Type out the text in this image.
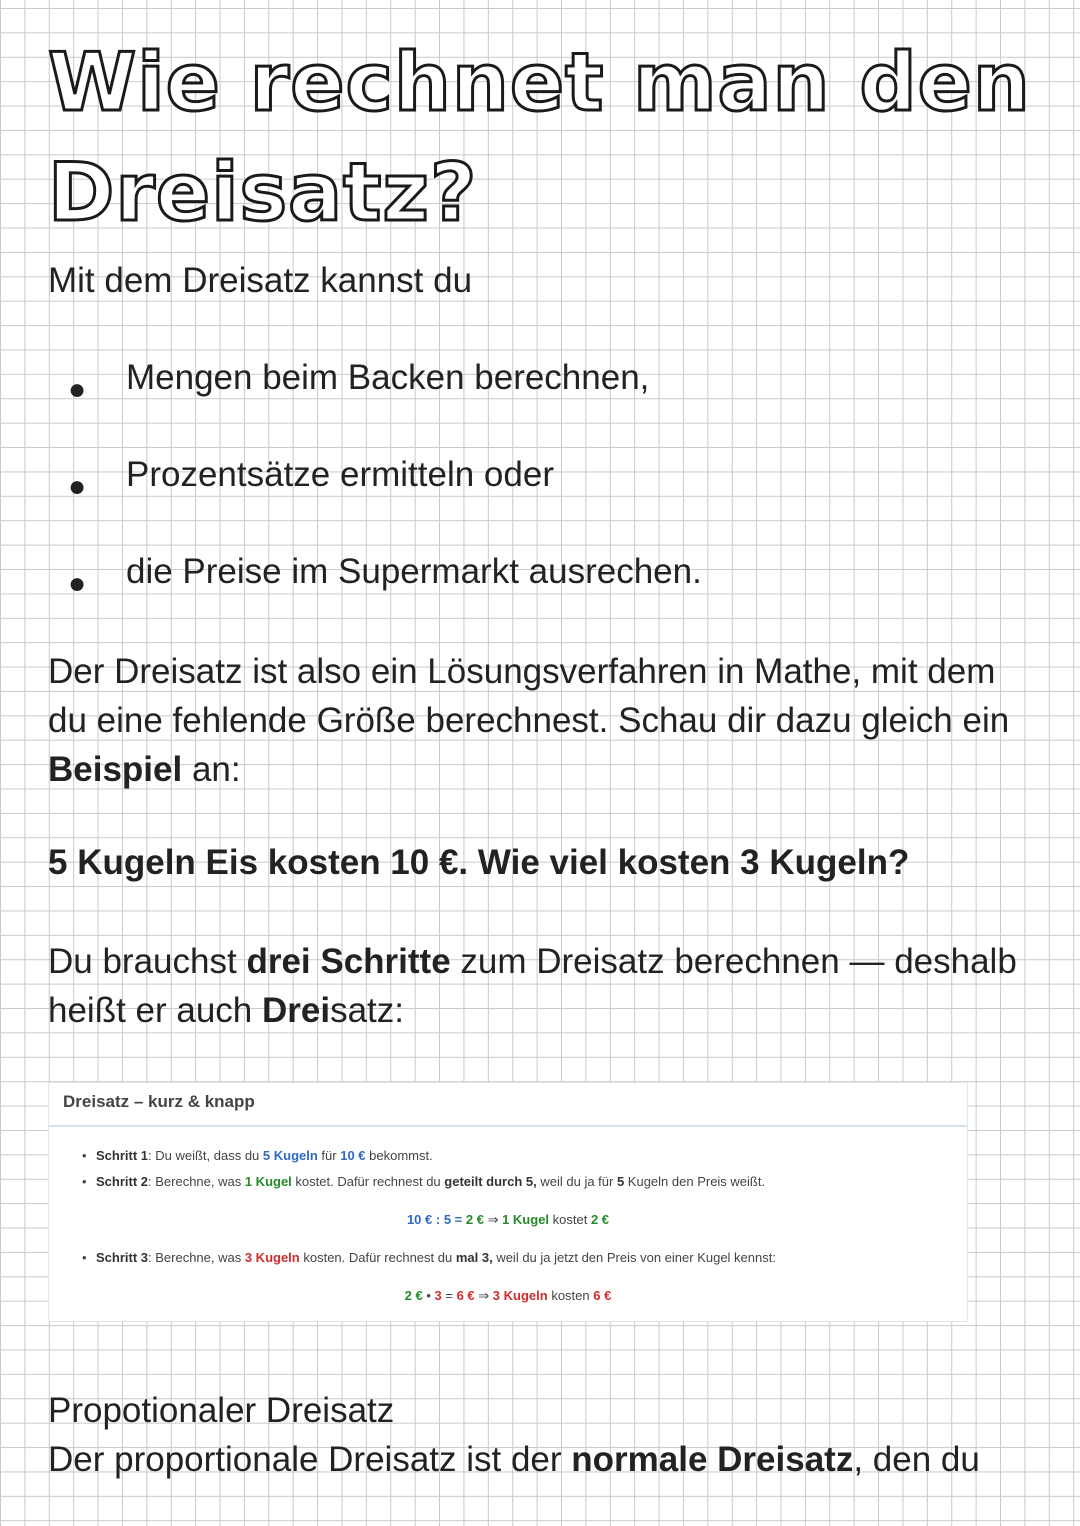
Wie rechnet man den
Dreisatz?

Mit dem Dreisatz kannst du

● Mengen beim Backen berechnen,
● Prozentsätze ermitteln oder
● die Preise im Supermarkt ausrechen.

Der Dreisatz ist also ein Lösungsverfahren in Mathe, mit dem du eine fehlende Größe berechnest. Schau dir dazu gleich ein Beispiel an:

5 Kugeln Eis kosten 10 €. Wie viel kosten 3 Kugeln?

Du brauchst drei Schritte zum Dreisatz berechnen — deshalb heißt er auch Dreisatz:

Dreisatz – kurz & knapp
• Schritt 1: Du weißt, dass du 5 Kugeln für 10 € bekommst.
• Schritt 2: Berechne, was 1 Kugel kostet. Dafür rechnest du geteilt durch 5, weil du ja für 5 Kugeln den Preis weißt.
10 € : 5 = 2 € ⇒ 1 Kugel kostet 2 €
• Schritt 3: Berechne, was 3 Kugeln kosten. Dafür rechnest du mal 3, weil du ja jetzt den Preis von einer Kugel kennst:
2 € • 3 = 6 € ⇒ 3 Kugeln kosten 6 €

Propotionaler Dreisatz

Der proportionale Dreisatz ist der normale Dreisatz, den du
